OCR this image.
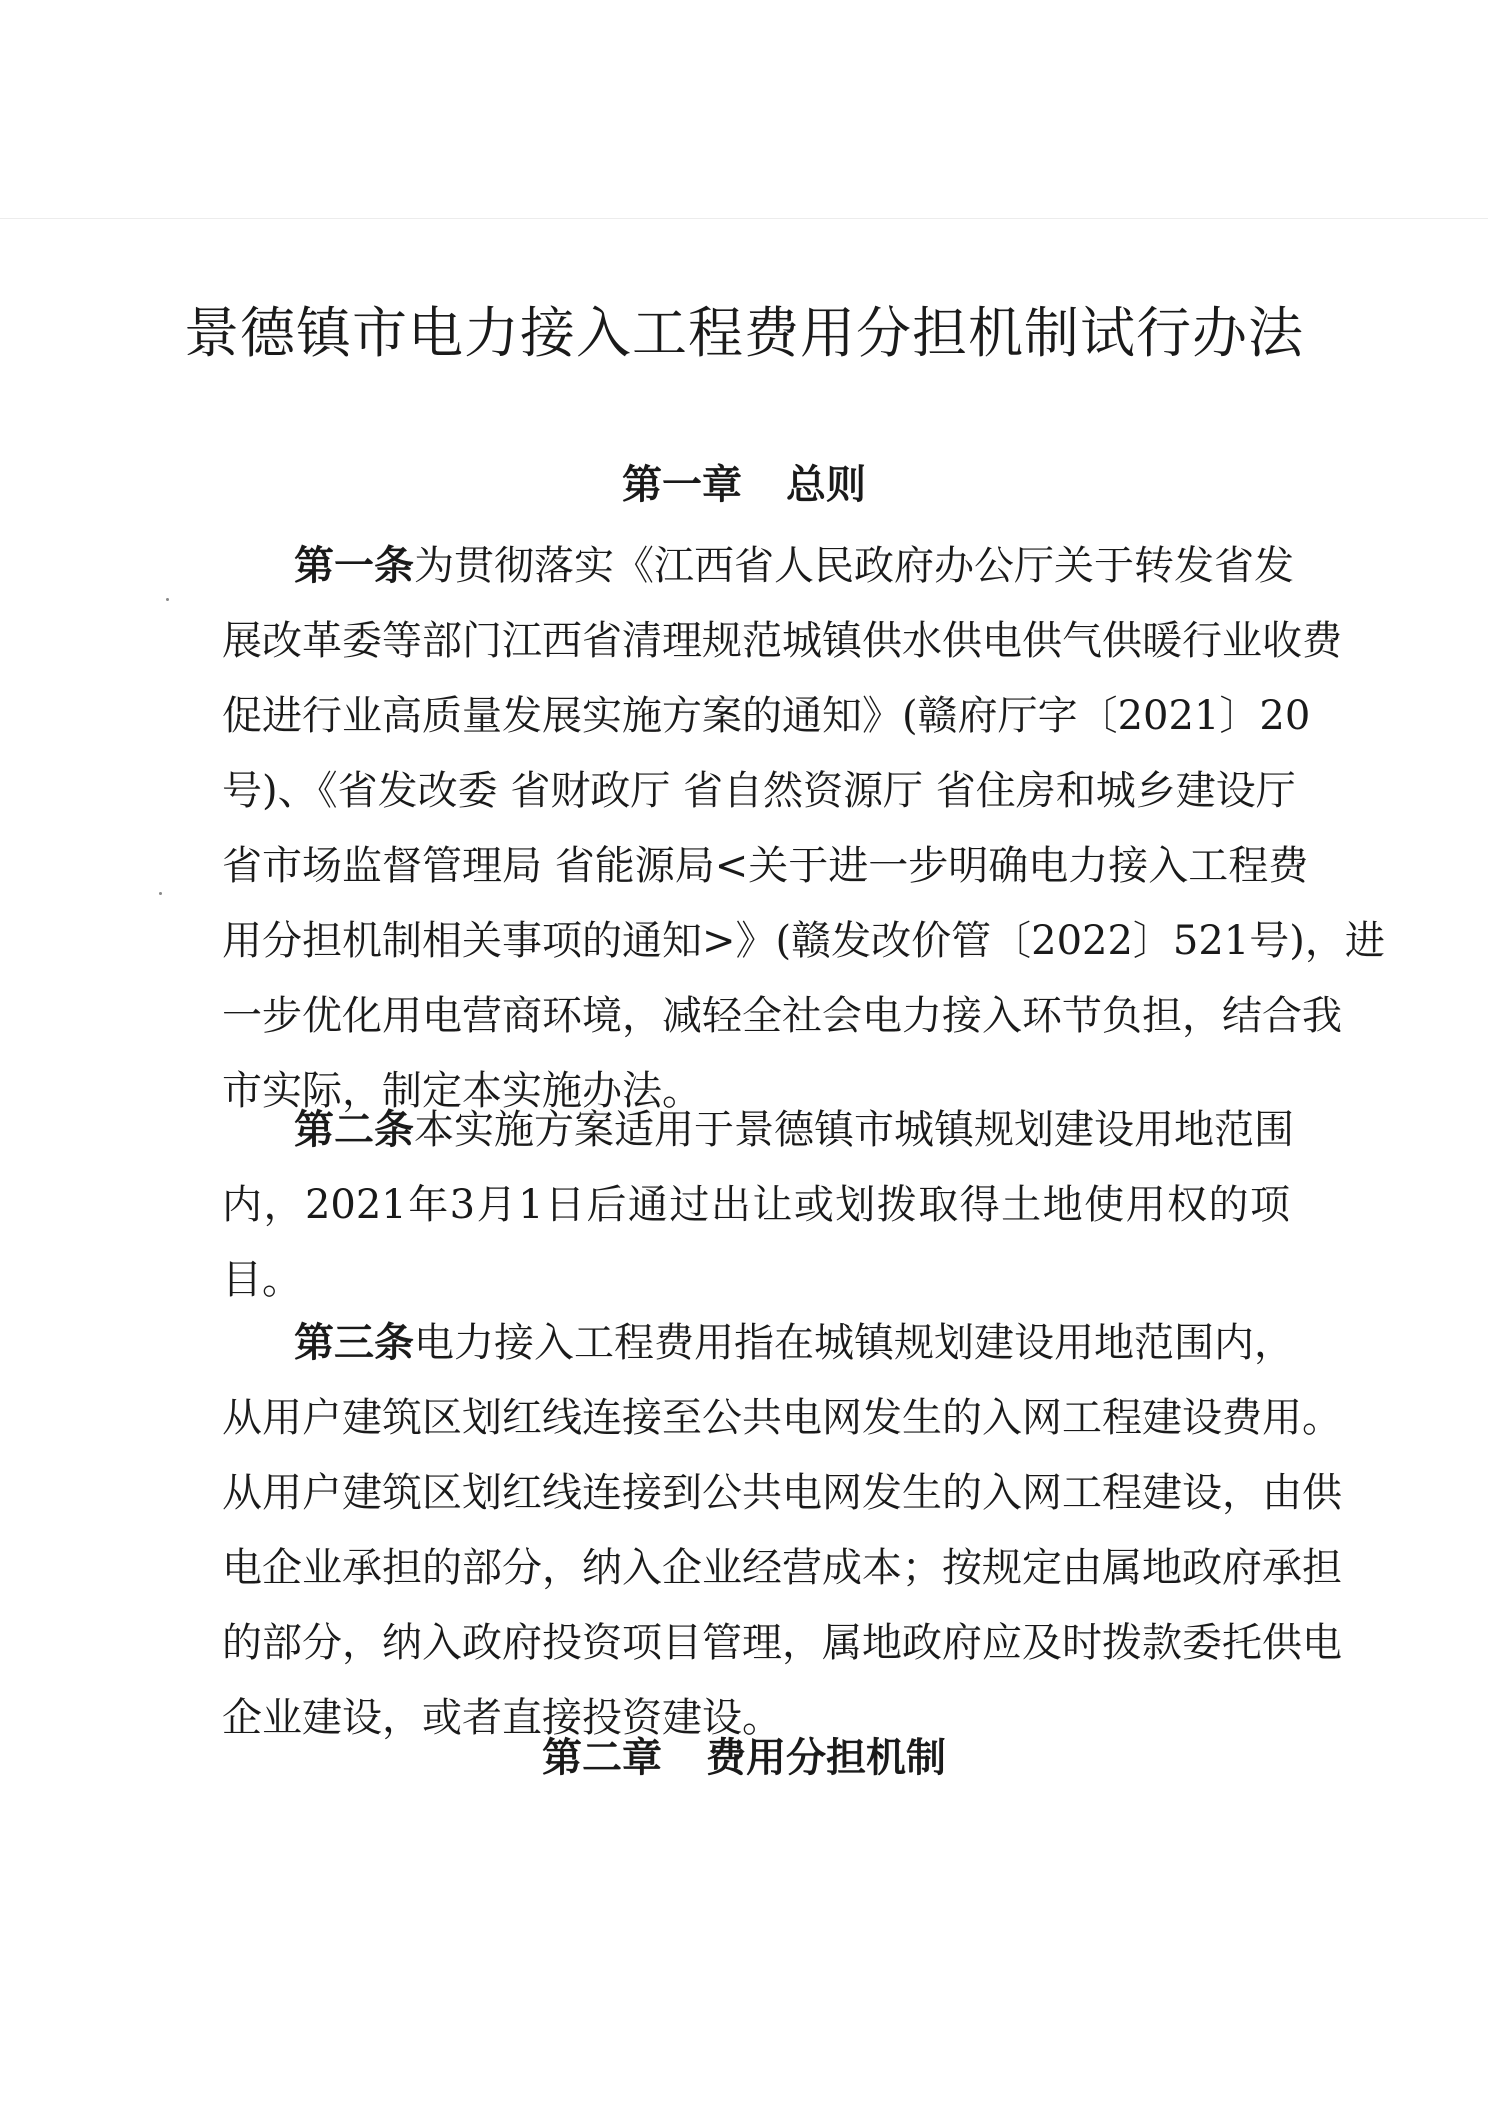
景德镇市电力接入工程费用分担机制试行办法
第一章 总则
第一条为贯彻落实《江西省人民政府办公厅关于转发省发
展改革委等部门江西省清理规范城镇供水供电供气供暖行业收费
促进行业高质量发展实施方案的通知》(赣府厅字〔2021〕20
号)、《省发改委 省财政厅 省自然资源厅 省住房和城乡建设厅
省市场监督管理局 省能源局<关于进一步明确电力接入工程费
用分担机制相关事项的通知>》(赣发改价管〔2022〕521号)，进
一步优化用电营商环境，减轻全社会电力接入环节负担，结合我
市实际，制定本实施办法。
第二条本实施方案适用于景德镇市城镇规划建设用地范围
内，2021年3月1日后通过出让或划拨取得土地使用权的项
目。
第三条电力接入工程费用指在城镇规划建设用地范围内，
从用户建筑区划红线连接至公共电网发生的入网工程建设费用。
从用户建筑区划红线连接到公共电网发生的入网工程建设，由供
电企业承担的部分，纳入企业经营成本；按规定由属地政府承担
的部分，纳入政府投资项目管理，属地政府应及时拨款委托供电
企业建设，或者直接投资建设。
第二章 费用分担机制
